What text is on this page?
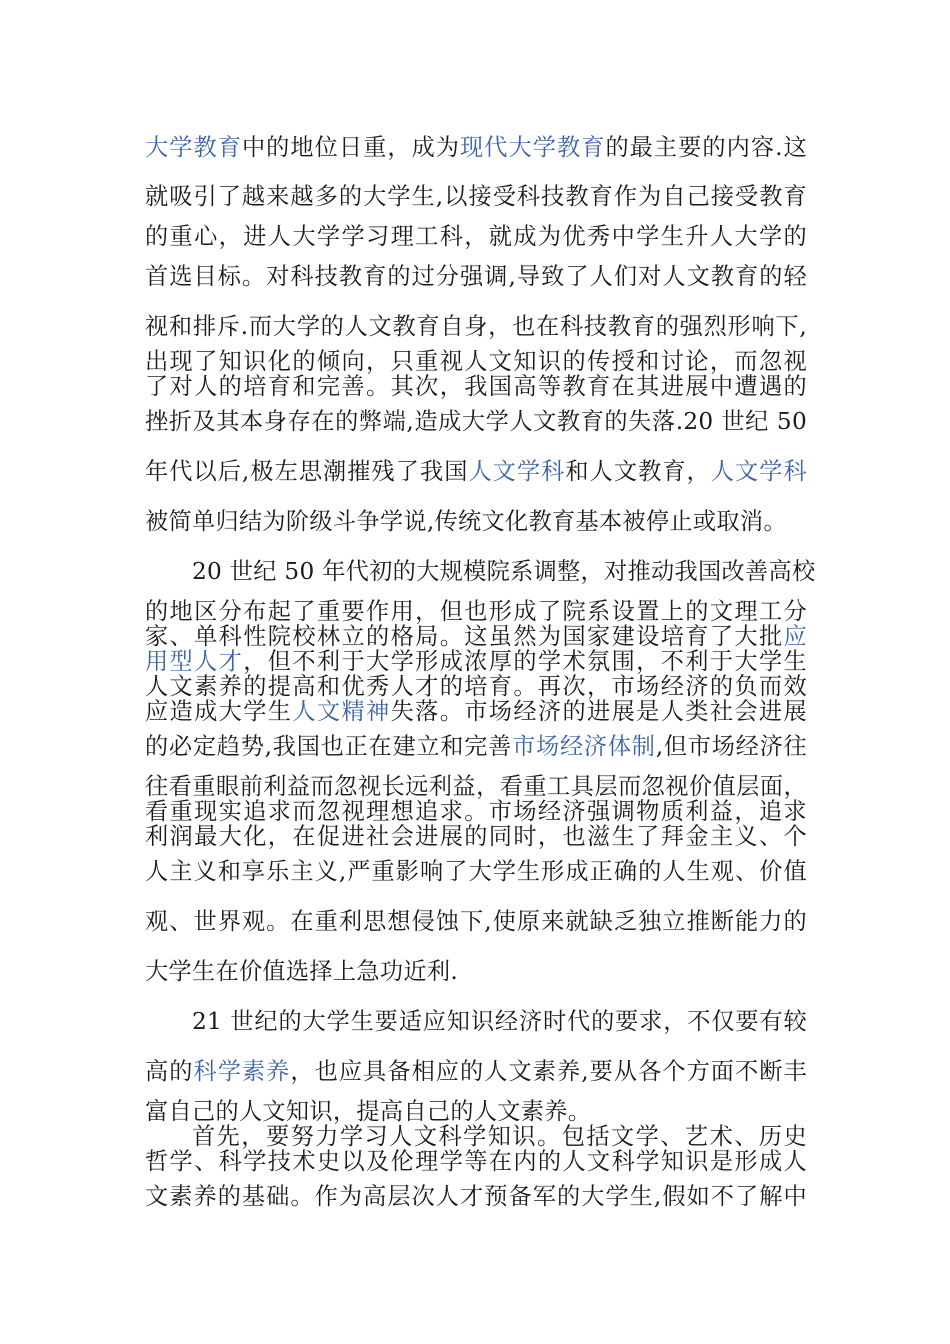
大学教育中的地位日重，成为现代大学教育的最主要的内容.这
就吸引了越来越多的大学生,以接受科技教育作为自己接受教育
的重心，进人大学学习理工科，就成为优秀中学生升人大学的
首选目标。对科技教育的过分强调,导致了人们对人文教育的轻
视和排斥.而大学的人文教育自身，也在科技教育的强烈形响下,
出现了知识化的倾向，只重视人文知识的传授和讨论，而忽视
了对人的培育和完善。其次，我国高等教育在其进展中遭遇的
挫折及其本身存在的弊端,造成大学人文教育的失落.20 世纪 50
年代以后,极左思潮摧残了我国人文学科和人文教育，人文学科
被简单归结为阶级斗争学说,传统文化教育基本被停止或取消。
20 世纪 50 年代初的大规模院系调整，对推动我国改善高校
的地区分布起了重要作用，但也形成了院系设置上的文理工分
家、单科性院校林立的格局。这虽然为国家建设培育了大批应
用型人才，但不利于大学形成浓厚的学术氛围，不利于大学生
人文素养的提高和优秀人才的培育。再次，市场经济的负而效
应造成大学生人文精神失落。市场经济的进展是人类社会进展
的必定趋势,我国也正在建立和完善市场经济体制,但市场经济往
往看重眼前利益而忽视长远利益，看重工具层而忽视价值层面，
看重现实追求而忽视理想追求。市场经济强调物质利益，追求
利润最大化，在促进社会进展的同时，也滋生了拜金主义、个
人主义和享乐主义,严重影响了大学生形成正确的人生观、价值
观、世界观。在重利思想侵蚀下,使原来就缺乏独立推断能力的
大学生在价值选择上急功近利.
21 世纪的大学生要适应知识经济时代的要求，不仅要有较
高的科学素养，也应具备相应的人文素养,要从各个方面不断丰
富自己的人文知识，提高自己的人文素养。
首先，要努力学习人文科学知识。包括文学、艺术、历史
哲学、科学技术史以及伦理学等在内的人文科学知识是形成人
文素养的基础。作为高层次人才预备军的大学生,假如不了解中
